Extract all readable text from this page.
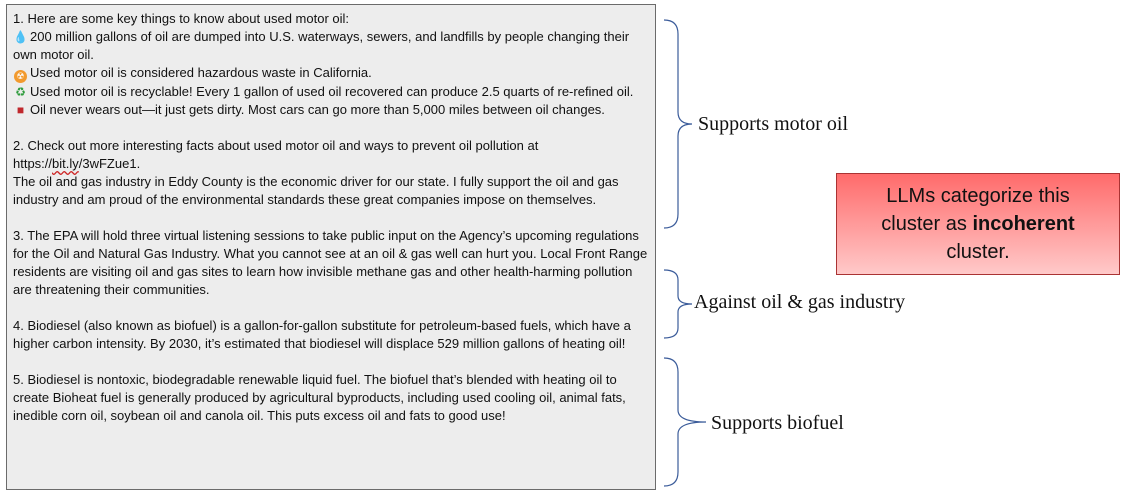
1. Here are some key things to know about used motor oil:

💧 200 million gallons of oil are dumped into U.S. waterways, sewers, and landfills by people changing their own motor oil.

☢ Used motor oil is considered hazardous waste in California.

♻ Used motor oil is recyclable! Every 1 gallon of used oil recovered can produce 2.5 quarts of re-refined oil.

■ Oil never wears out—it just gets dirty. Most cars can go more than 5,000 miles between oil changes.

2. Check out more interesting facts about used motor oil and ways to prevent oil pollution at

https://bit.ly/3wFZue1.

The oil and gas industry in Eddy County is the economic driver for our state. I fully support the oil and gas industry and am proud of the environmental standards these great companies impose on themselves.

3. The EPA will hold three virtual listening sessions to take public input on the Agency’s upcoming regulations for the Oil and Natural Gas Industry. What you cannot see at an oil & gas well can hurt you. Local Front Range residents are visiting oil and gas sites to learn how invisible methane gas and other health-harming pollution are threatening their communities.

4. Biodiesel (also known as biofuel) is a gallon-for-gallon substitute for petroleum-based fuels, which have a higher carbon intensity. By 2030, it’s estimated that biodiesel will displace 529 million gallons of heating oil!

5. Biodiesel is nontoxic, biodegradable renewable liquid fuel. The biofuel that’s blended with heating oil to create Bioheat fuel is generally produced by agricultural byproducts, including used cooling oil, animal fats, inedible corn oil, soybean oil and canola oil. This puts excess oil and fats to good use!

Supports motor oil
Against oil & gas industry
Supports biofuel
LLMs categorize this
cluster as incoherent
cluster.
